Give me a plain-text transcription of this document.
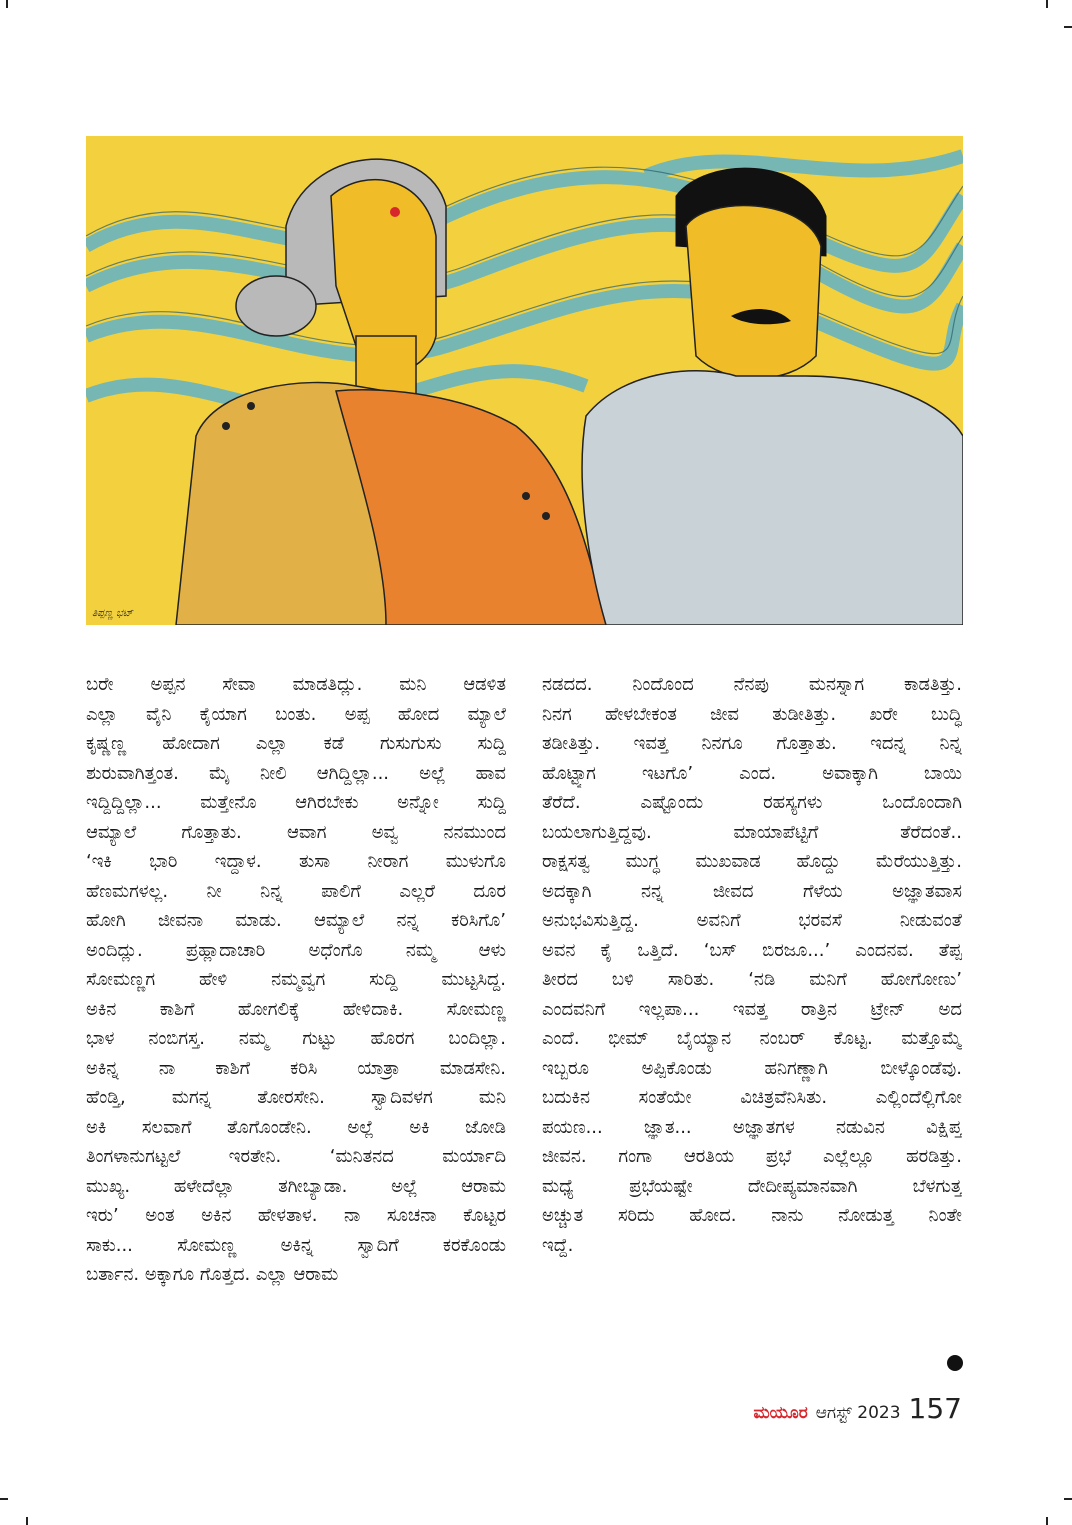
ತಿಪ್ಪಣ್ಣ ಭಟ್
ಬರೇ ಅಪ್ಪನ ಸೇವಾ ಮಾಡತಿದ್ಲು. ಮನಿ ಆಡಳಿತ
ಎಲ್ಲಾ ವೈನಿ ಕೈಯಾಗ ಬಂತು. ಅಪ್ಪ ಹೋದ ಮ್ಯಾಲೆ
ಕೃಷ್ಣಣ್ಣ ಹೋದಾಗ ಎಲ್ಲಾ ಕಡೆ ಗುಸುಗುಸು ಸುದ್ದಿ
ಶುರುವಾಗಿತ್ತಂತ. ಮೈ ನೀಲಿ ಆಗಿದ್ದಿಲ್ಲಾ... ಅಲ್ಲೆ ಹಾವ
ಇದ್ದಿದ್ದಿಲ್ಲಾ... ಮತ್ತೇನೊ ಆಗಿರಬೇಕು ಅನ್ನೋ ಸುದ್ದಿ
ಆಮ್ಯಾಲೆ ಗೊತ್ತಾತು. ಆವಾಗ ಅವ್ವ ನನಮುಂದ
‘ಇಕಿ ಭಾರಿ ಇದ್ದಾಳ. ತುಸಾ ನೀರಾಗ ಮುಳುಗೊ
ಹೆಣಮಗಳಲ್ಲ. ನೀ ನಿನ್ನ ಪಾಲಿಗೆ ಎಲ್ಲರೆ ದೂರ
ಹೋಗಿ ಜೀವನಾ ಮಾಡು. ಆಮ್ಯಾಲೆ ನನ್ನ ಕರಿಸಿಗೊ’
ಅಂದಿದ್ಲು. ಪ್ರಹ್ಲಾದಾಚಾರಿ ಅಧೆಂಗೊ ನಮ್ಮ ಆಳು
ಸೋಮಣ್ಣಗ ಹೇಳಿ ನಮ್ಮವ್ವಗ ಸುದ್ದಿ ಮುಟ್ಟಸಿದ್ದ.
ಅಕಿನ ಕಾಶಿಗೆ ಹೋಗಲಿಕ್ಕೆ ಹೇಳಿದಾಕಿ. ಸೋಮಣ್ಣ
ಭಾಳ ನಂಬಿಗಸ್ತ. ನಮ್ಮ ಗುಟ್ಟು ಹೊರಗ ಬಂದಿಲ್ಲಾ.
ಅಕಿನ್ನ ನಾ ಕಾಶಿಗೆ ಕರಿಸಿ ಯಾತ್ರಾ ಮಾಡಸೇನಿ.
ಹೆಂಡ್ತಿ, ಮಗನ್ನ ತೋರಸೇನಿ. ಸ್ವಾದಿವಳಗ ಮನಿ
ಅಕಿ ಸಲವಾಗೆ ತೊಗೊಂಡೇನಿ. ಅಲ್ಲೆ ಅಕಿ ಜೋಡಿ
ತಿಂಗಳಾನುಗಟ್ಟಲೆ ಇರತೇನಿ. ‘ಮನಿತನದ ಮರ್ಯಾದಿ
ಮುಖ್ಯ. ಹಳೇದೆಲ್ಲಾ ತಗೀಬ್ಯಾಡಾ. ಅಲ್ಲೆ ಆರಾಮ
ಇರು’ ಅಂತ ಅಕಿನ ಹೇಳತಾಳ. ನಾ ಸೂಚನಾ ಕೊಟ್ಟರ
ಸಾಕು... ಸೋಮಣ್ಣ ಅಕಿನ್ನ ಸ್ವಾದಿಗೆ ಕರಕೊಂಡು
ಬರ್ತಾನ. ಅಕ್ಕಾಗೂ ಗೊತ್ತದ. ಎಲ್ಲಾ ಆರಾಮ
ನಡದದ. ನಿಂದೊಂದ ನೆನಪು ಮನಸ್ನಾಗ ಕಾಡತಿತ್ತು.
ನಿನಗ ಹೇಳಬೇಕಂತ ಜೀವ ತುಡೀತಿತ್ತು. ಖರೇ ಬುದ್ಧಿ
ತಡೀತಿತ್ತು. ಇವತ್ತ ನಿನಗೂ ಗೊತ್ತಾತು. ಇದನ್ನ ನಿನ್ನ
ಹೊಟ್ಟ್ಯಾಗ ಇಟಗೊ’ ಎಂದ. ಅವಾಕ್ಕಾಗಿ ಬಾಯಿ
ತೆರೆದೆ. ಎಷ್ಟೊಂದು ರಹಸ್ಯಗಳು ಒಂದೊಂದಾಗಿ
ಬಯಲಾಗುತ್ತಿದ್ದವು. ಮಾಯಾಪೆಟ್ಟಿಗೆ ತೆರೆದಂತೆ..
ರಾಕ್ಷಸತ್ವ ಮುಗ್ಧ ಮುಖವಾಡ ಹೊದ್ದು ಮೆರೆಯುತ್ತಿತ್ತು.
ಅದಕ್ಕಾಗಿ ನನ್ನ ಜೀವದ ಗೆಳೆಯ ಅಜ್ಞಾತವಾಸ
ಅನುಭವಿಸುತ್ತಿದ್ದ. ಅವನಿಗೆ ಭರವಸೆ ನೀಡುವಂತೆ
ಅವನ ಕೈ ಒತ್ತಿದೆ. ‘ಬಸ್ ಬಿರಜೂ...’ ಎಂದನವ. ತೆಪ್ಪ
ತೀರದ ಬಳಿ ಸಾರಿತು. ‘ನಡಿ ಮನಿಗೆ ಹೋಗೋಣು’
ಎಂದವನಿಗೆ ಇಲ್ಲಪಾ... ಇವತ್ತ ರಾತ್ರಿನ ಟ್ರೇನ್ ಅದ
ಎಂದೆ. ಭೀಮ್ ಬೈಯ್ಯಾನ ನಂಬರ್ ಕೊಟ್ಟ. ಮತ್ತೊಮ್ಮೆ
ಇಬ್ಬರೂ ಅಪ್ಪಿಕೊಂಡು ಹನಿಗಣ್ಣಾಗಿ ಬೀಳ್ಕೊಂಡೆವು.
ಬದುಕಿನ ಸಂತೆಯೇ ವಿಚಿತ್ರವೆನಿಸಿತು. ಎಲ್ಲಿಂದೆಲ್ಲಿಗೋ
ಪಯಣ... ಜ್ಞಾತ... ಅಜ್ಞಾತಗಳ ನಡುವಿನ ವಿಕ್ಷಿಪ್ತ
ಜೀವನ. ಗಂಗಾ ಆರತಿಯ ಪ್ರಭೆ ಎಲ್ಲೆಲ್ಲೂ ಹರಡಿತ್ತು.
ಮಧ್ಯೆ ಪ್ರಭೆಯಷ್ಟೇ ದೇದೀಪ್ಯಮಾನವಾಗಿ ಬೆಳಗುತ್ತ
ಅಚ್ಚುತ ಸರಿದು ಹೋದ. ನಾನು ನೋಡುತ್ತ ನಿಂತೇ
ಇದ್ದೆ.
ಮಯೂರ ಆಗಸ್ಟ್ 2023 157
